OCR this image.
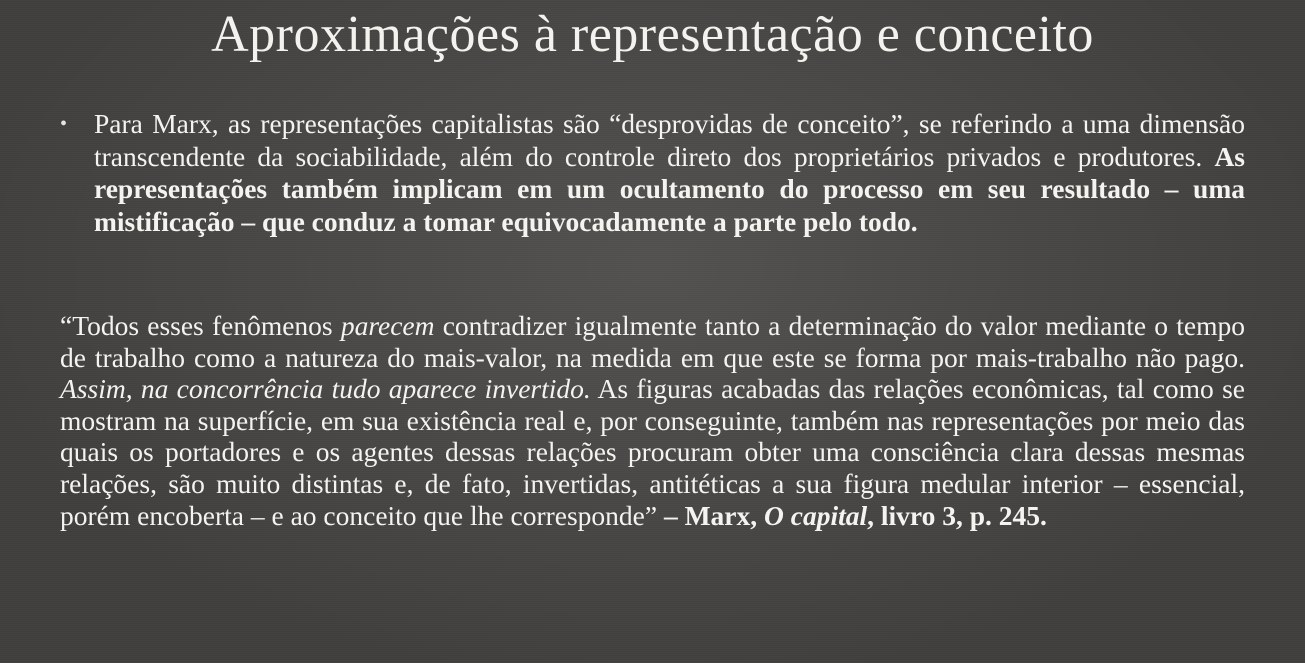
Aproximações à representação e conceito
• Para Marx, as representações capitalistas são “desprovidas de conceito”, se referindo a uma dimensão transcendente da sociabilidade, além do controle direto dos proprietários privados e produtores. As representações também implicam em um ocultamento do processo em seu resultado – uma mistificação – que conduz a tomar equivocadamente a parte pelo todo.

“Todos esses fenômenos parecem contradizer igualmente tanto a determinação do valor mediante o tempo de trabalho como a natureza do mais-valor, na medida em que este se forma por mais-trabalho não pago. Assim, na concorrência tudo aparece invertido. As figuras acabadas das relações econômicas, tal como se mostram na superfície, em sua existência real e, por conseguinte, também nas representações por meio das quais os portadores e os agentes dessas relações procuram obter uma consciência clara dessas mesmas relações, são muito distintas e, de fato, invertidas, antitéticas a sua figura medular interior – essencial, porém encoberta – e ao conceito que lhe corresponde” – Marx, O capital, livro 3, p. 245.
